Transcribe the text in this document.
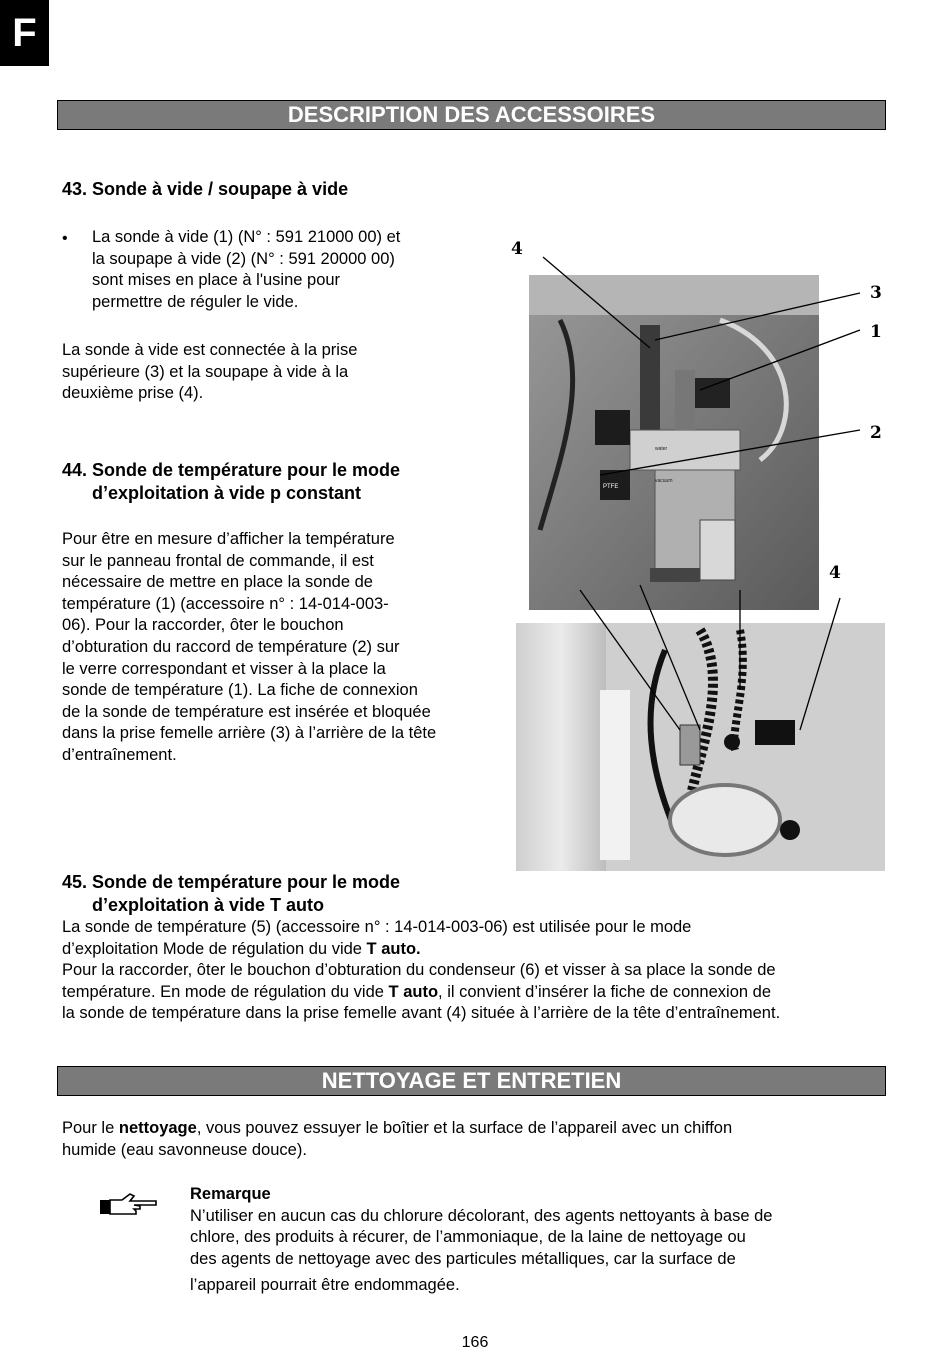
F
DESCRIPTION DES ACCESSOIRES
43. Sonde à vide / soupape à vide
• La sonde à vide (1) (N° : 591 21000 00) et
la soupape à vide (2) (N° : 591 20000 00)
sont mises en place à l'usine pour
permettre de réguler le vide.
La sonde à vide est connectée à la prise
supérieure (3) et la soupape à vide à la
deuxième prise (4).
44. Sonde de température pour le mode
d’exploitation à vide p constant
Pour être en mesure d’afficher la température
sur le panneau frontal de commande, il est
nécessaire de mettre en place la sonde de
température (1) (accessoire n° : 14-014-003-
06). Pour la raccorder, ôter le bouchon
d’obturation du raccord de température (2) sur
le verre correspondant et visser à la place la
sonde de température (1). La fiche de connexion
de la sonde de température est insérée et bloquée
dans la prise femelle arrière (3) à l’arrière de la tête
d’entraînement.
water
vacuum
PTFE
4
3
1
2
4
45. Sonde de température pour le mode
d’exploitation à vide T auto
La sonde de température (5) (accessoire n° : 14-014-003-06) est utilisée pour le mode
d’exploitation Mode de régulation du vide T auto.
Pour la raccorder, ôter le bouchon d’obturation du condenseur (6) et visser à sa place la sonde de
température. En mode de régulation du vide T auto, il convient d’insérer la fiche de connexion de
la sonde de température dans la prise femelle avant (4) située à l’arrière de la tête d’entraînement.
NETTOYAGE ET ENTRETIEN
Pour le nettoyage, vous pouvez essuyer le boîtier et la surface de l’appareil avec un chiffon
humide (eau savonneuse douce).
Remarque
N’utiliser en aucun cas du chlorure décolorant, des agents nettoyants à base de
chlore, des produits à récurer, de l’ammoniaque, de la laine de nettoyage ou
des agents de nettoyage avec des particules métalliques, car la surface de
l’appareil pourrait être endommagée.
166
